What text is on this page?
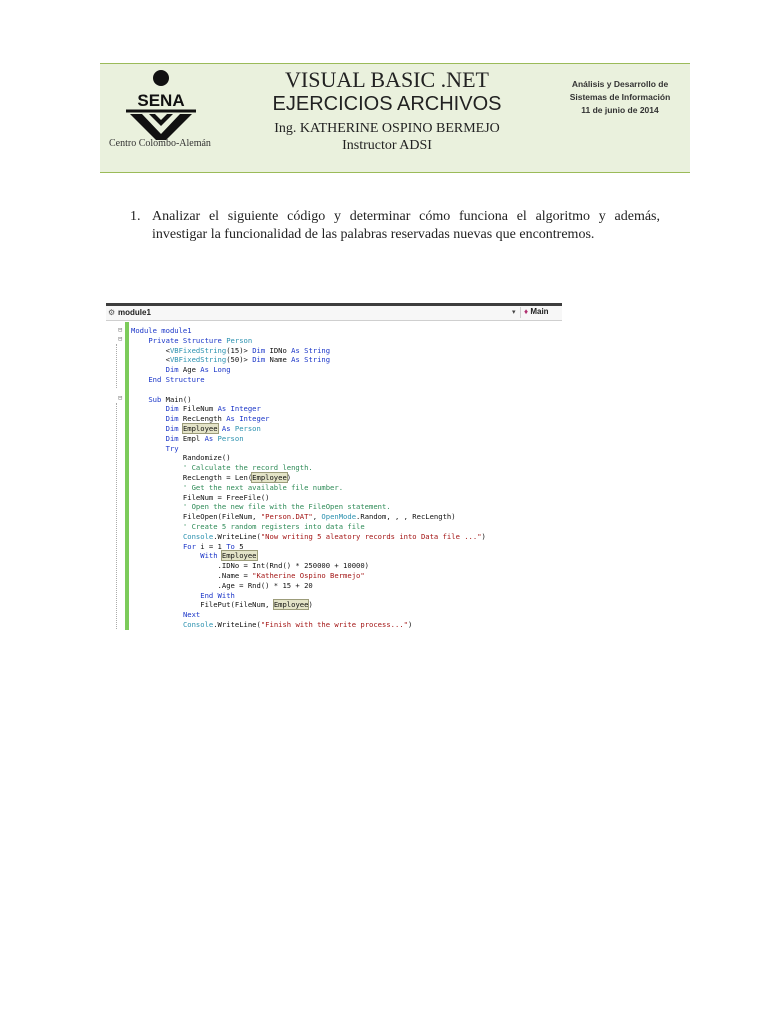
SENA
Centro Colombo-Alemán
VISUAL BASIC .NET
EJERCICIOS ARCHIVOS
Ing. KATHERINE OSPINO BERMEJO
Instructor ADSI
Análisis y Desarrollo de
Sistemas de Información
11 de junio de 2014
1. Analizar el siguiente código y determinar cómo funciona el algoritmo y además, investigar la funcionalidad de las palabras reservadas nuevas que encontremos.
⚙ module1	▾	♦ Main
⊟
⊟
⊟
Module module1
Private Structure Person
<VBFixedString(15)> Dim IDNo As String
<VBFixedString(50)> Dim Name As String
Dim Age As Long
End Structure

Sub Main()
Dim FileNum As Integer
Dim RecLength As Integer
Dim Employee As Person
Dim Empl As Person
Try
Randomize()
' Calculate the record length.
RecLength = Len(Employee)
' Get the next available file number.
FileNum = FreeFile()
' Open the new file with the FileOpen statement.
FileOpen(FileNum, "Person.DAT", OpenMode.Random, , , RecLength)
' Create 5 random registers into data file
Console.WriteLine("Now writing 5 aleatory records into Data file ...")
For i = 1 To 5
With Employee
.IDNo = Int(Rnd() * 250000 + 10000)
.Name = "Katherine Ospino Bermejo"
.Age = Rnd() * 15 + 20
End With
FilePut(FileNum, Employee)
Next
Console.WriteLine("Finish with the write process...")
